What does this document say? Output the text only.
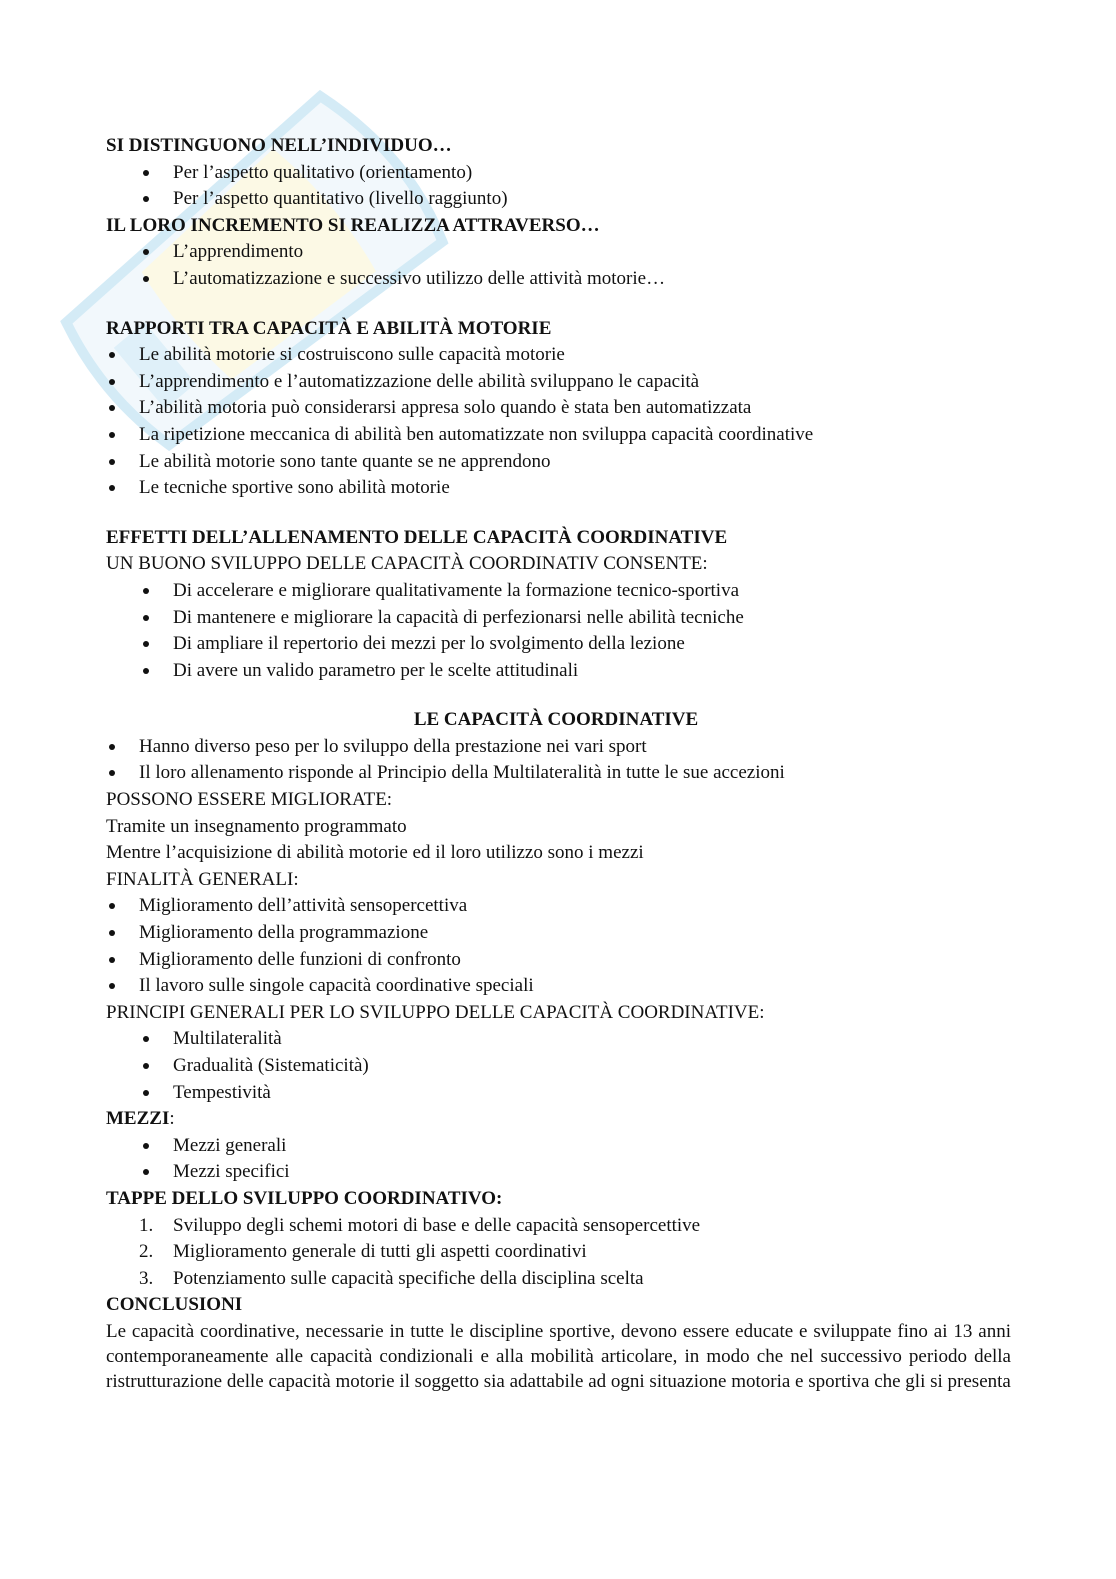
SI DISTINGUONO NELL’INDIVIDUO…
Per l’aspetto qualitativo (orientamento)
Per l’aspetto quantitativo (livello raggiunto)
IL LORO INCREMENTO SI REALIZZA ATTRAVERSO…
L’apprendimento
L’automatizzazione e successivo utilizzo delle attività motorie…
RAPPORTI TRA CAPACITÀ E ABILITÀ MOTORIE
Le abilità motorie si costruiscono sulle capacità motorie
L’apprendimento e l’automatizzazione delle abilità sviluppano le capacità
L’abilità motoria può considerarsi appresa solo quando è stata ben automatizzata
La ripetizione meccanica di abilità ben automatizzate non sviluppa capacità coordinative
Le abilità motorie sono tante quante se ne apprendono
Le tecniche sportive sono abilità motorie
EFFETTI DELL’ALLENAMENTO DELLE CAPACITÀ COORDINATIVE
UN BUONO SVILUPPO DELLE CAPACITÀ COORDINATIV CONSENTE:
Di accelerare e migliorare qualitativamente la formazione tecnico-sportiva
Di mantenere e migliorare la capacità di perfezionarsi nelle abilità tecniche
Di ampliare il repertorio dei mezzi per lo svolgimento della lezione
Di avere un valido parametro per le scelte attitudinali
LE CAPACITÀ COORDINATIVE
Hanno diverso peso per lo sviluppo della prestazione nei vari sport
Il loro allenamento risponde al Principio della Multilateralità in tutte le sue accezioni
POSSONO ESSERE MIGLIORATE:
Tramite un insegnamento programmato
Mentre l’acquisizione di abilità motorie ed il loro utilizzo sono i mezzi
FINALITÀ GENERALI:
Miglioramento dell’attività sensopercettiva
Miglioramento della programmazione
Miglioramento delle funzioni di confronto
Il lavoro sulle singole capacità coordinative speciali
PRINCIPI GENERALI PER LO SVILUPPO DELLE CAPACITÀ COORDINATIVE:
Multilateralità
Gradualità (Sistematicità)
Tempestività
MEZZI:
Mezzi generali
Mezzi specifici
TAPPE DELLO SVILUPPO COORDINATIVO:
1. Sviluppo degli schemi motori di base e delle capacità sensopercettive
2. Miglioramento generale di tutti gli aspetti coordinativi
3. Potenziamento sulle capacità specifiche della disciplina scelta
CONCLUSIONI
Le capacità coordinative, necessarie in tutte le discipline sportive, devono essere educate e sviluppate fino ai 13 anni contemporaneamente alle capacità condizionali e alla mobilità articolare, in modo che nel successivo periodo della ristrutturazione delle capacità motorie il soggetto sia adattabile ad ogni situazione motoria e sportiva che gli si presenta
